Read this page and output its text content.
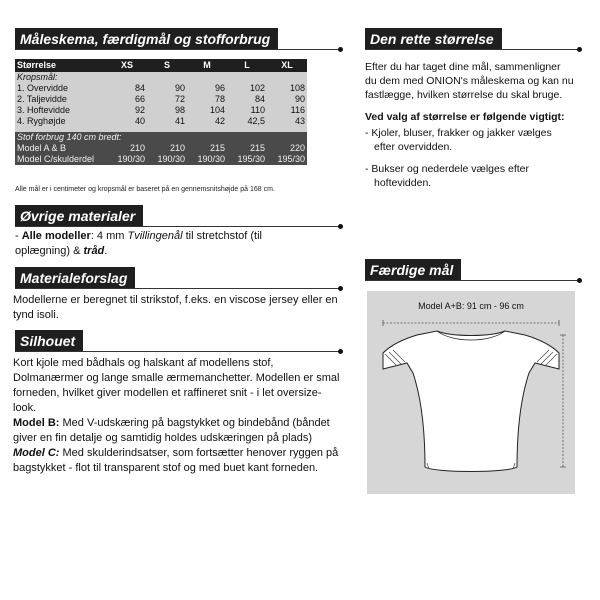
Måleskema, færdigmål og stofforbrug
Størrelse	XS	S	M	L	XL
Kropsmål:					
1. Overvidde	84	90	96	102	108
2. Taljevidde	66	72	78	84	90
3. Hoftevidde	92	98	104	110	116
4. Ryghøjde	40	41	42	42,5	43

Stof forbrug 140 cm bredt:					
Model A & B	210	210	215	215	220
Model C/skulderdel	190/30	190/30	190/30	195/30	195/30
Alle mål er i centimeter og kropsmål er baseret på en gennemsnitshøjde på 168 cm.
Øvrige materialer

- Alle modeller: 4 mm Tvillingenål til stretchstof (til oplægning) & tråd.

Materialeforslag
Modellerne er beregnet til strikstof, f.eks. en viscose jersey eller en tynd isoli.
Silhouet

Kort kjole med bådhals og halskant af modellens stof, Dolmanærmer og lange smalle ærmemanchetter. Modellen er smal forneden, hvilket giver modellen et raffineret snit - i let oversize-look.

Model B: Med V-udskæring på bagstykket og bindebånd (båndet giver en fin detalje og samtidig holdes udskæringen på plads)

Model C: Med skulderindsatser, som fortsætter henover ryggen på bagstykket - flot til transparent stof og med buet kant forneden.

Den rette størrelse

Efter du har taget dine mål, sammenligner du dem med ONION's måleskema og kan nu fastlægge, hvilken størrelse du skal bruge.

Ved valg af størrelse er følgende vigtigt:

- Kjoler, bluser, frakker og jakker vælges efter overvidden.

- Bukser og nederdele vælges efter hoftevidden.

Færdige mål
Model A+B: 91 cm - 96 cm
